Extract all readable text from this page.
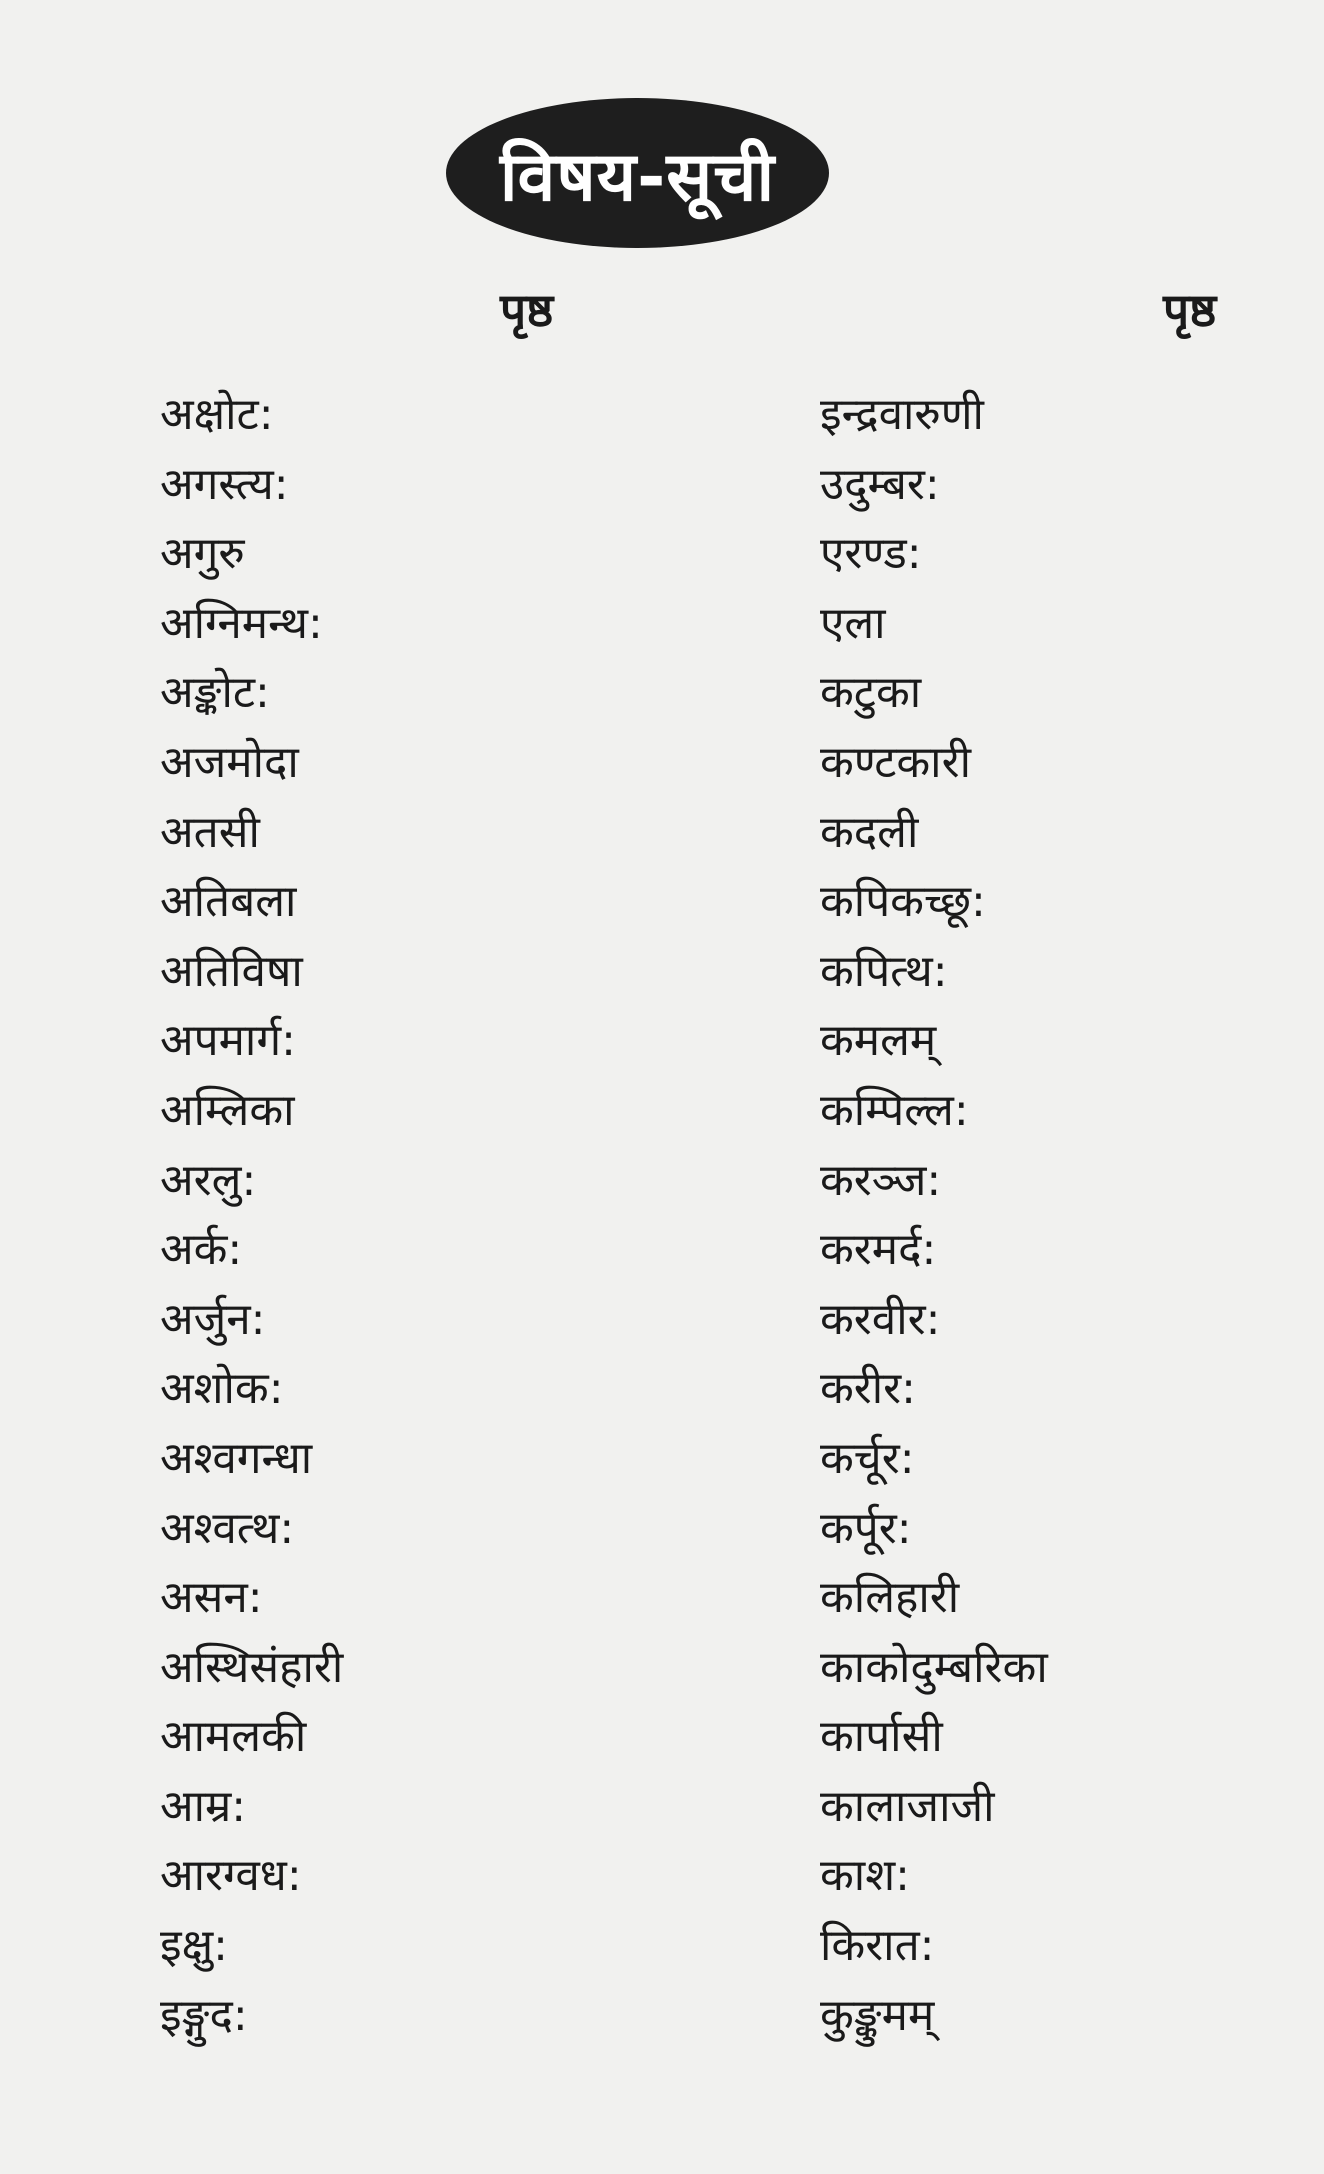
विषय-सूची
पृष्ठ	पृष्ठ
अक्षोट:
अगस्त्य:
अगुरु
अग्निमन्थ:
अङ्कोट:
अजमोदा
अतसी
अतिबला
अतिविषा
अपमार्ग:
अम्लिका
अरलु:
अर्क:
अर्जुन:
अशोक:
अश्वगन्धा
अश्वत्थ:
असन:
अस्थिसंहारी
आमलकी
आम्र:
आरग्वध:
इक्षु:
इङ्गुद:
इन्द्रवारुणी
उदुम्बर:
एरण्ड:
एला
कटुका
कण्टकारी
कदली
कपिकच्छू:
कपित्थ:
कमलम्
कम्पिल्ल:
करञ्ज:
करमर्द:
करवीर:
करीर:
कर्चूर:
कर्पूर:
कलिहारी
काकोदुम्बरिका
कार्पासी
कालाजाजी
काश:
किरात:
कुङ्कुमम्
